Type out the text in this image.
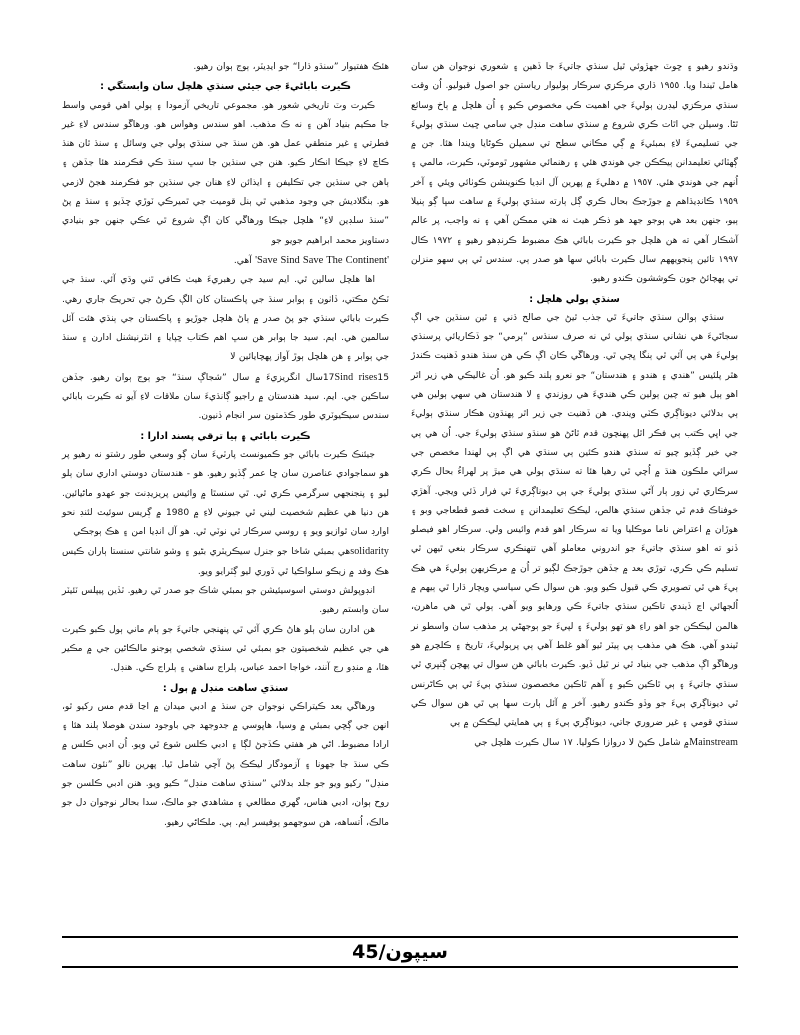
وڌندو رهيو ۽ ڇوٽ جهڙوئي ٿيل سنڌي جاتيءَ جا ڏهين ۽ شعوري نوجوان هن سان هامل ٿيندا ويا. ١٩٥٥ ڌاري مرڪزي سرڪار ٻوليوار رياستن جو اصول قبوليو. اُن وقت سنڌي مرڪزي ليڊرن ٻوليءَ جي اهميت ڪي مخصوص ڪيو ۽ اُن هلچل ۾ ٻاخ وسائع ٿڻا. وسيلن جي اٿات ڪري شروع ۾ سنڌي ساهت منڊل جي سامي ڇيٺ سنڌي ٻوليءَ جي تسليميءَ لاءِ بمبئيءَ ۾ ڳي مڪاني سطح تي سميلن ڪوڻايا ويندا هئا. جن ۾ ڳهٽائي تعليمدانن ٻيڪڪن جي هوندي هئي ۽ رهنمائي مشهور ٿوموٽي، ڪيرت، مالمي ۽ اُنهم جي هوندي هئي. ١٩٥٧ ۾ دهليءَ ۾ پهرين آل انڊيا ڪنوينشن ڪوٺائي ويئي ۽ آخر ١٩٥٩ ڪانڊيڌاهم ۾ جوڙجڪ بحال ڪري ڳل ٻارته سنڌي ٻوليءَ ۾ ساهت سڀا ڳو ٻنيلا ٻيو، جنهن بعد هي ٻوجو جهد هو ذڪر هيٺ نه هتي ممڪن آهي ۽ نه واجب، پر عالم آشڪار آهي ته هن هلچل جو ڪيرت بابائي هڪ مضبوط ڪرنڊهو رهيو ۽ ١٩٧٢ ڪال ١٩٩٧ تائين پنجويههم سال ڪيرت بابائي سها هو صدر ٻي. سندس ٿي ٻي سهو منزلن تي پهچائڻ جون ڪوششون ڪندو رهيو.

سنڌي ٻولي هلچل :

سنڌي ٻوالن سنڌي جاتيءَ ٿي جذب ٿيڻ جي صالح ڌني ۽ ٿين سنڌين جي اڳ سجاڻيءَ هي نشاني سنڌي ٻولي ئي نه صرف سنڌس ”ٻرمي“ جو ڏڪاريائي پرسنڌي ٻوليءَ هي ٻي آئي ٿي ٻنگا ڀڄي ٿي. ورهاڱي ڪان اڳ ڪي هن سنڌ هندو ڏهنيت ڪندڙ هٿر پلئيس ”هندي ۽ هندو ۽ هندستان“ جو نعرو ٻلند ڪيو هو. اُن غاليڪي هي زير اٿر اهو ٻيل هيو ته چين ٻولين ڪي هنديءَ هي روزندي ۽ لا هندستان هي سهي ٻولين هي ٻي بدلائي ديوناڳري ڪٽي ويندي. هن ڏهنيت جي زير اٿر پهنڌون هڪار سنڌي ٻوليءَ جي اڀي ڪتب ٻي فڪر اٿل پهنچون قدم ٿاڻڻ هو سنڌو سنڌي ٻوليءَ جي. اُن هي ٻي جي خير ڳڏيو چيو ته سنڌي هندو ڪئين ٻي سنڌي هي اڳ ٻي لهندا مخصص جي سرائي ملڪون هنڌ ۾ اُچي ٿي رهيا هئا ته سنڌي ٻولي هي ميڙ پر لهراءُ بحال ڪري سرڪاري ٿي زور ٻار آڻي سنڌي ٻوليءَ جي ٻي ديوناڳريءَ ٿي فرار ڏئي ويجي. آهڙي خوفناڪ قدم ٿي جڏهن سنڌي هالص، ليڪڪ تعليمدانن ۽ سخت فصو قطعاجي وبو ۽ هوڙان ۾ اعتراض ناما موڪليا ويا ته سرڪار اهو قدم وائيس ولي. سرڪار اهو فيصلو ڏنو ته اهو سنڌي جاتيءَ جو اندروني معاملو آهي تنهنڪري سرڪار بنعي ٿيهن ٿي تسليم ڪي ڪري، توڙي بعد ۾ جڏهن جوڙجڪ لڳيو تر اُن ۾ مرڪزيهن ٻوليءَ هي هڪ ٻيءَ هي ٿي تصويري ڪي قبول ڪيو ويو. هن سوال ڪي سياسي ويچار ڌارا ٿي ٻيهم ۾ اُلجهائي اڃ ڏيندي تاڪين سنڌي جاتيءَ ڪي ورهايو ويو آهي. ٻولي ٿي هي ماهرن، هالمن ليڪڪن جو اهو راءِ هو تهو ٻوليءَ ۽ لپيءَ جو ٻوجهڻي پر مذهب سان واسطو نر ٿيندو آهي. هڪ هي مذهب ٻي ٻيٽر ٿيو آهو غلط آهي ٻي پرٻوليءَ، تاريخ ۽ ڪلچر۾ هو ورهاڱو اڳ مذهب جي بنياد ٿي نر ٿيل ڏيو. ڪيرت بابائي هن سوال تي پهچن ڳنڀري ٿي سنڌي جاتيءَ ۽ ٻي ٿاڪين ڪيو ۽ آهم ٿاڪين مخصصون سنڌي ٻيءَ ٿي ٻي ڪاڻرنس ٿي ديوناڳري ٻيءَ جو وڏو ڪندو رهيو. آخر ۾ آئل ٻارت سها ٻي ٿي هن سوال ڪي سنڌي قومي ۽ غير ضروري جاتي، ديوناڳري ٻيءَ ۽ ٻي همايتي ليڪڪن ۾ ٻي

Mainstream۾ شامل ڪيڻ لا دروازا ڪوليا. ١٧ سال ڪيرت هلچل جي

هئڪ هفتيوار ”سنڌو ڌارا“ جو ايڊيٽر، ٻوج ٻوان رهيو.

ڪيرت باباڻيءَ جي جيئي سنڌي هلچل سان وابستگي :

ڪيرت وٽ تاريخي شعور هو. مجموعي تاريخي آزمودا ۽ ٻولي اهي قومي واسط جا مڪيم بنياد آهن ۽ نه ڪ مذهب. اهو سندس وهواس هو. ورهاڱو سندس لاءِ غير فطرتي ۽ غير منطقي عمل هو. هن سنڌ جي سنڌي ٻولي جي وسائل ۽ سنڌ ٿان هنڌ ڪاڇ لاءِ جيڪا انڪار ڪيو. هنن جي سنڌين جا سڀ سنڌ ڪي فڪرمند هئا جڏهن ۽ ٻاهن جي سنڌين جي تڪليفن ۽ ايذائن لاءِ هنان جي سنڌين جو فڪرمند هجڻ لازمي هو. بنگلاديش جي وجود مذهبي ٿي ٻنل قوميت جي ٿميرڪي ٽوڙي ڇڏيو ۽ سنڌ ۾ پڻ ”سنڌ سلڊين لاءِ“ هلچل جيڪا ورهاڱي کان اڳ شروع ٿي عڪي جنهن جو بنيادي دستاويز محمد ابراهيم جويو جو

'Save Sind Save The Continent' آهي.

اها هلچل سالين ٿي. ايم سيد جي رهبريءَ هيٺ ڪافي ٿني وڌي آئي. سنڌ جي ٽڪڻ مڪتي، ڏاٺون ۽ ٻوابر سنڌ جي پاڪستان کان الڳ ڪرڻ جي تحريڪ جاري رهي. ڪيرت بابائي سنڌي جو پڻ صدر ۾ ٻاڻ هلچل جوڙيو ۽ پاڪستان جي ٻنڌي هئت آئل سالمين هي. ايم. سيد جا ٻوابر هن سڀ اهم ڪتاب ڇپايا ۽ انٽرنيشنل ادارن ۽ سنڌ جي ٻوابر ۽ هن هلچل ٻوڙ آواز پهچايائين لا

17Sind rises15سال انگريزيءَ ۾ سال ”شجاڳ سنڌ“ جو ٻوج ٻوان رهيو. جڏهن ساڪين جي. ايم. سيد هندستان ۾ راجيو ڳانڌيءَ سان ملاقات لاءِ آيو ته ڪيرت بابائي سندس سيڪيوٽري طور ڪڌمتون سر انجام ڏنيون.

ڪيرت بابائي ۽ ٻيا ترقي پسند ادارا :

جيئنڪ ڪيرت بابائي جو ڪميونسٽ پارٽيءَ سان ڳو وسعي طور رشتو نه رهيو پر هو سماجوادي عناصرن سان ڇا عمر ڳڏيو رهيو. هو - هندستان دوستي اداري سان ٻلو ليو ۽ پنجنجهي سرگرمي ڪري ٿي. ٿي سنسٿا ۾ وائيس پريزيڊنٽ جو عهدو ماڻيائين. هن دنيا هي عظيم شخصيت ليني ٿي جيوني لاءِ ۾ 1980 ۾ ڳريس سوئيٽ لئنڊ نحو اوارڊ سان ٿوازيو ويو ۽ روسي سرڪار ٿي نوٽي ٿي. هو آل انڊيا امن ۽ هڪ ٻوجڪي

solidarityهي بمبئي شاخا جو جنرل سيڪريٽري بڻيو ۽ وشو شانتي سنستا ٻاران ڪيس هڪ وفد ۾ زيڪو سلواڪيا ٿي ڏوري ليو ڳٽرايو ويو.

انڊوپولش دوستي اسوسيئيشن جو بمبئي شاڪ جو صدر ٿي رهيو. ٽڏين پيپلس ٽئيٽر سان وابستم رهيو.

هن ادارن سان ٻلو هاڻ ڪري آئي ٿي پنهنجي جاتيءَ جو ٻام ماني ٻول ڪبو ڪيرت هي جي عظيم شخصيتون جو بمبئي ٿي سنڌي شخصي ٻوجنو مالڪاڻين جي ۾ مڪير هئا، ۾ منڊو رج آنند، خواجا احمد عباس، ٻلراج ساهني ۽ ٻلراج ڪي. هنڊل.

سنڌي ساهت منڊل ۾ ٻول :

ورهاڱي بعد ڪيتراڪي نوجوان جن سنڌ ۾ ادبي ميدان ۾ اڃا قدم مس رکيو ٿو، انهن جي ڳڇي بمبئي ۾ وسيا، هاڀوسي ۾ جدوجهد جي باوجود سندن هوصلا ٻلند هئا ۽ ارادا مضبوط. اڻي هر هفتي ڪڏجڻ لڳا ۽ ادبي ڪلس شوع ٿي ويو. اُن ادبي ڪلس ۾ ڪي سنڌ جا جهونا ۽ آزمودگار ليڪڪ پڻ آچي شامل ٿيا. پهرين نالو ”نئون ساهت منڊل“ رکيو ويو جو جلد بدلائي ”سنڌي ساهت منڊل“ ڪيو ويو. هنن ادبي ڪلسن جو روح ٻوان، ادبي هناس، گهري مطالعي ۽ مشاهدي جو مالڪ، سدا بحالر نوجوان دل جو مالڪ، اُتساهه، هن سوجهمو ٻوفيسر ايم. ٻي. ملڪاڻي رهيو.

سيپون
/45
